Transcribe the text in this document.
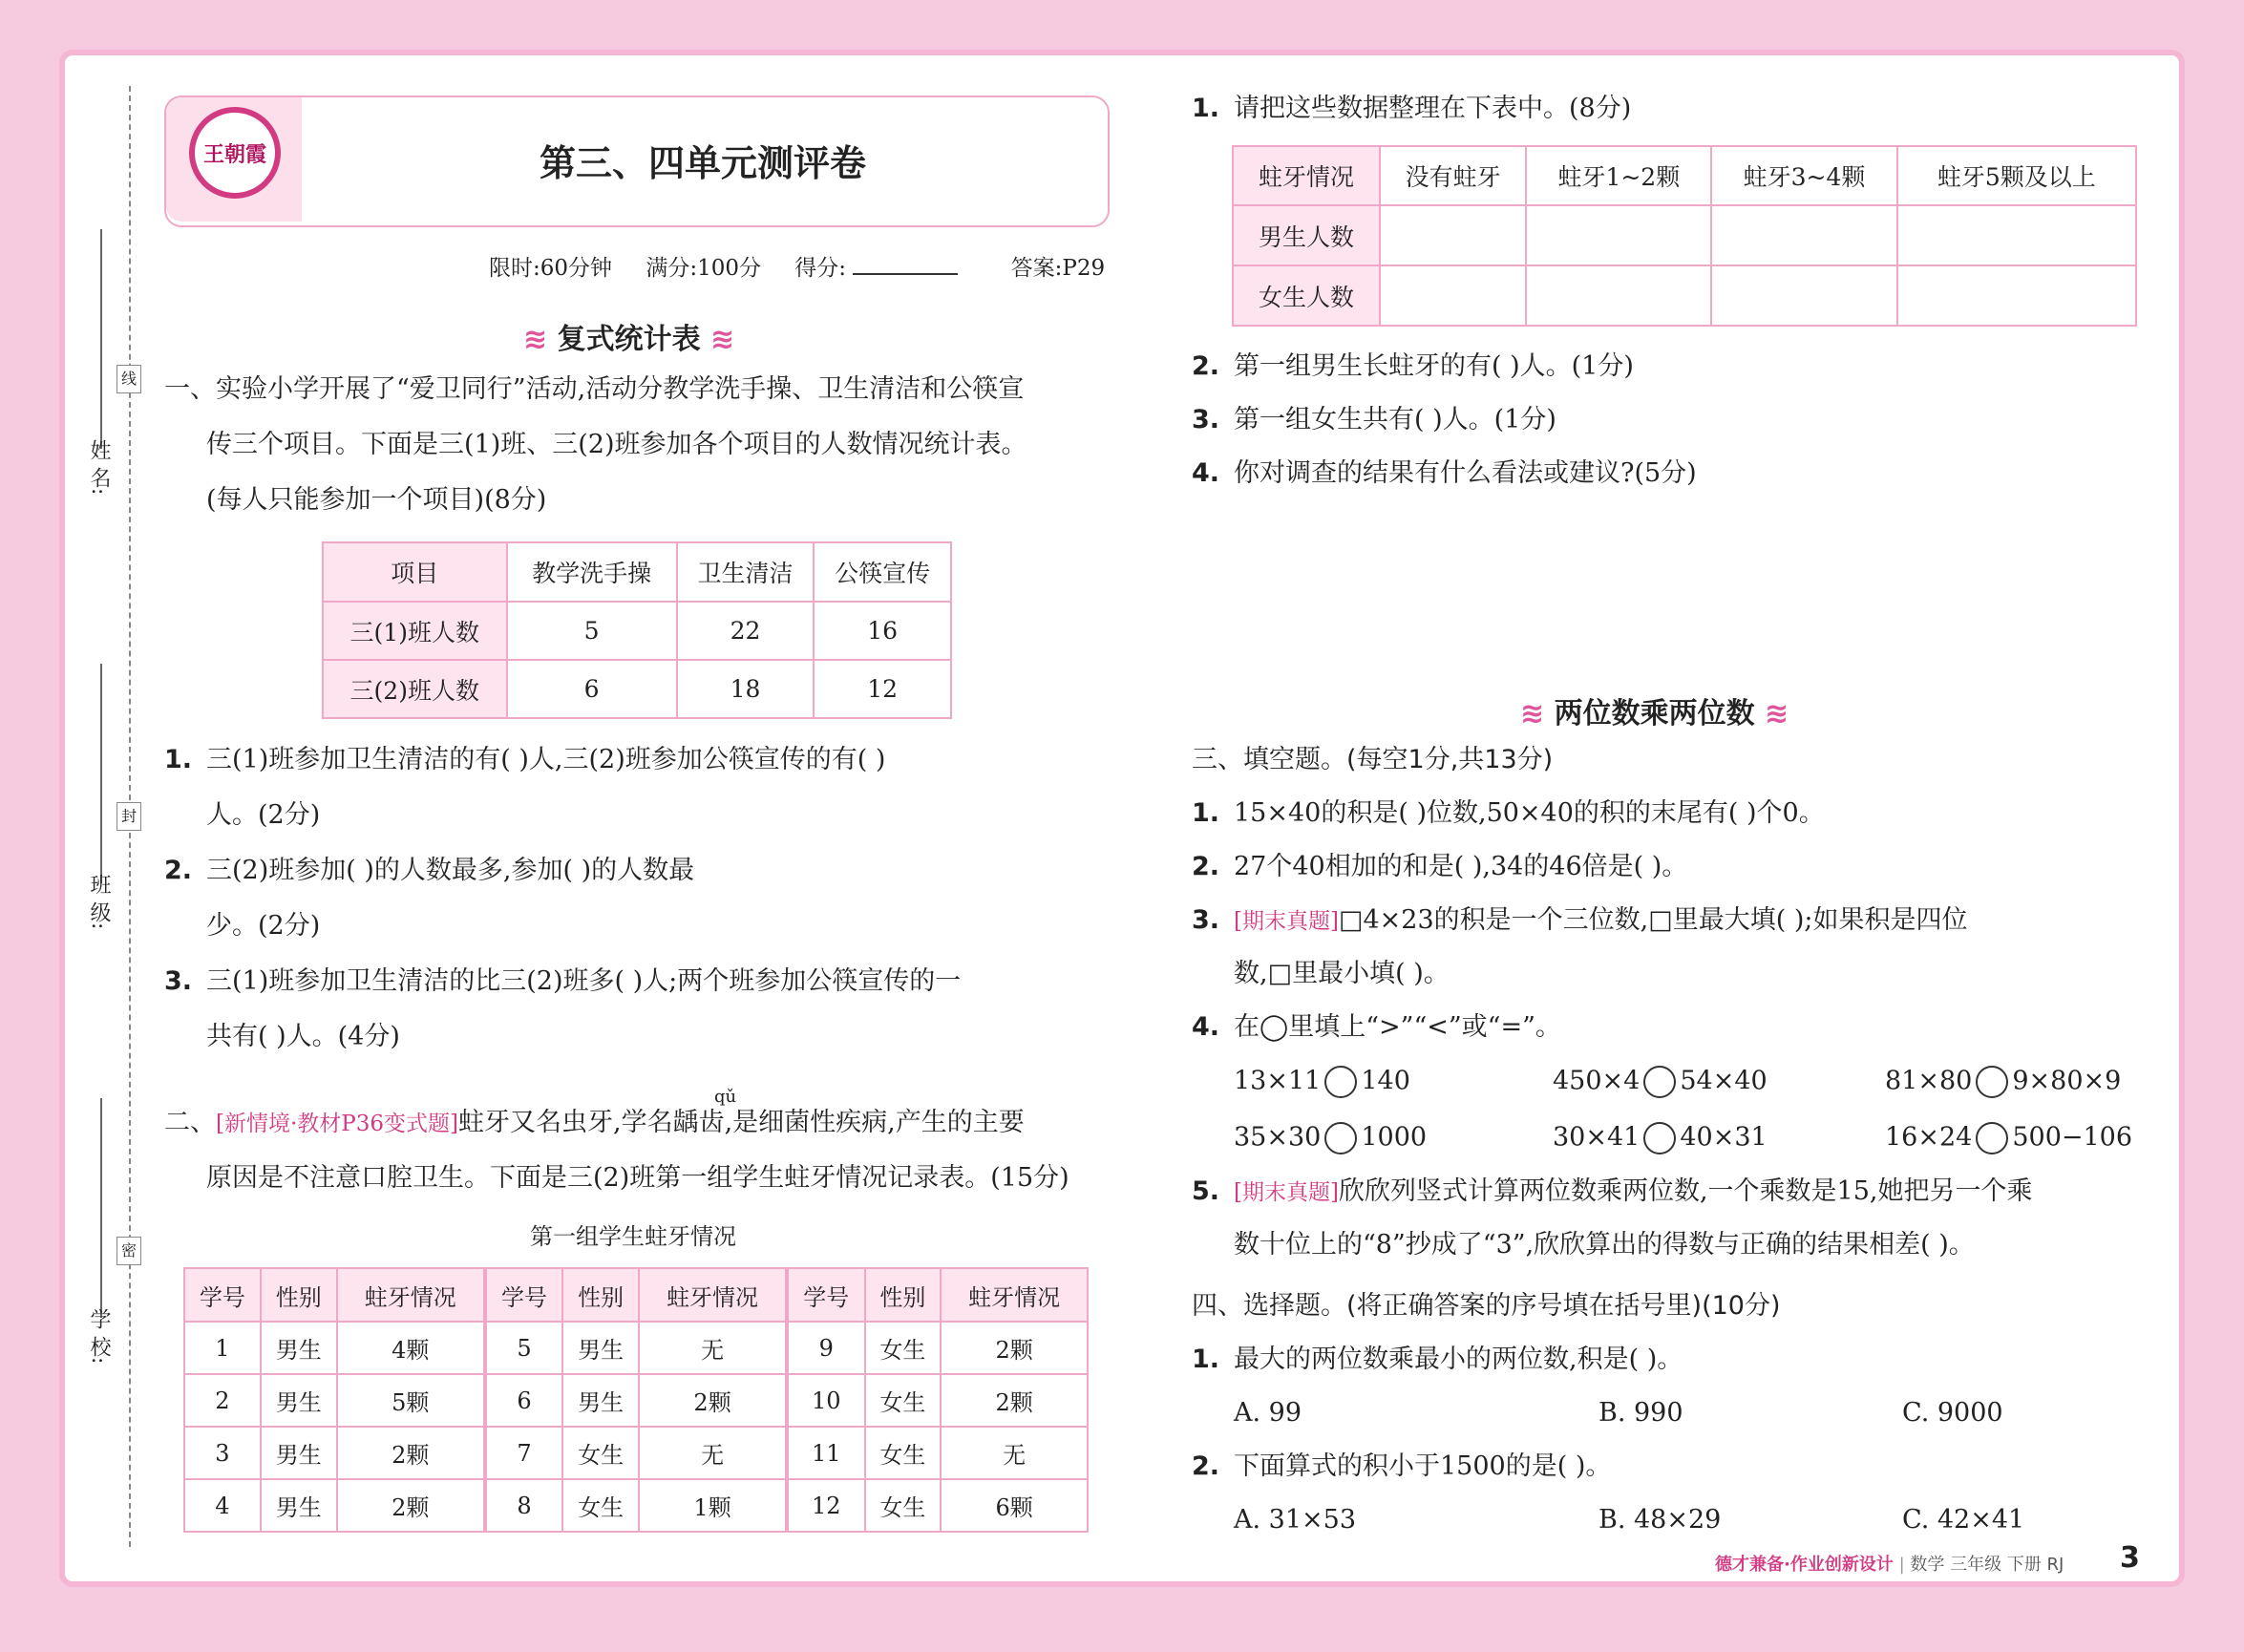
姓 名:
班 级:
学 校:
线
封
密
王朝霞	第三、四单元测评卷
限时:60分钟 满分:100分 得分:	答案:P29
≋ 复式统计表 ≋
一、实验小学开展了“爱卫同行”活动,活动分教学洗手操、卫生清洁和公筷宣
传三个项目。下面是三(1)班、三(2)班参加各个项目的人数情况统计表。
(每人只能参加一个项目)(8分)
项目	教学洗手操	卫生清洁	公筷宣传
三(1)班人数	5	22	16
三(2)班人数	6	18	12
1. 三(1)班参加卫生清洁的有( )人,三(2)班参加公筷宣传的有( )
人。(2分)
2. 三(2)班参加( )的人数最多,参加( )的人数最
少。(2分)
3. 三(1)班参加卫生清洁的比三(2)班多( )人;两个班参加公筷宣传的一
共有( )人。(4分)
qǔ
二、[新情境·教材P36变式题]蛀牙又名虫牙,学名龋齿,是细菌性疾病,产生的主要
原因是不注意口腔卫生。下面是三(2)班第一组学生蛀牙情况记录表。(15分)
第一组学生蛀牙情况
学号	性别	蛀牙情况	学号	性别	蛀牙情况	学号	性别	蛀牙情况
1	男生	4颗	5	男生	无	9	女生	2颗
2	男生	5颗	6	男生	2颗	10	女生	2颗
3	男生	2颗	7	女生	无	11	女生	无
4	男生	2颗	8	女生	1颗	12	女生	6颗
1. 请把这些数据整理在下表中。(8分)
蛀牙情况	没有蛀牙	蛀牙1~2颗	蛀牙3~4颗	蛀牙5颗及以上
男生人数				
女生人数				
2. 第一组男生长蛀牙的有( )人。(1分)
3. 第一组女生共有( )人。(1分)
4. 你对调查的结果有什么看法或建议?(5分)
≋ 两位数乘两位数 ≋
三、填空题。(每空1分,共13分)
1. 15×40的积是( )位数,50×40的积的末尾有( )个0。
2. 27个40相加的和是( ),34的46倍是( )。
3. [期末真题]□4×23的积是一个三位数,□里最大填( );如果积是四位
数,□里最小填( )。
4. 在◯里填上“>”“<”或“=”。
13×11 140	450×4 54×40	81×80 9×80×9
35×30 1000	30×41 40×31	16×24 500−106
5. [期末真题]欣欣列竖式计算两位数乘两位数,一个乘数是15,她把另一个乘
数十位上的“8”抄成了“3”,欣欣算出的得数与正确的结果相差( )。
四、选择题。(将正确答案的序号填在括号里)(10分)
1. 最大的两位数乘最小的两位数,积是( )。
A. 99	B. 990	C. 9000
2. 下面算式的积小于1500的是( )。
A. 31×53	B. 48×29	C. 42×41
德才兼备·作业创新设计 | 数学 三年级 下册 RJ 3
